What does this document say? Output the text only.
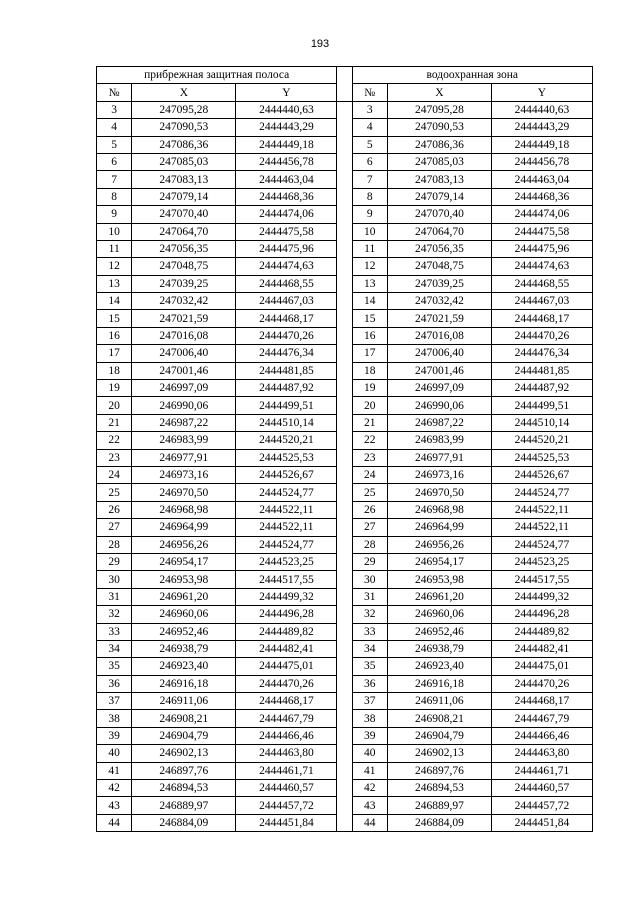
193
прибрежная защитная полоса				водоохранная зона		
№	X	Y		№	X	Y
3	247095,28	2444440,63		3	247095,28	2444440,63
4	247090,53	2444443,29		4	247090,53	2444443,29
5	247086,36	2444449,18		5	247086,36	2444449,18
6	247085,03	2444456,78		6	247085,03	2444456,78
7	247083,13	2444463,04		7	247083,13	2444463,04
8	247079,14	2444468,36		8	247079,14	2444468,36
9	247070,40	2444474,06		9	247070,40	2444474,06
10	247064,70	2444475,58		10	247064,70	2444475,58
11	247056,35	2444475,96		11	247056,35	2444475,96
12	247048,75	2444474,63		12	247048,75	2444474,63
13	247039,25	2444468,55		13	247039,25	2444468,55
14	247032,42	2444467,03		14	247032,42	2444467,03
15	247021,59	2444468,17		15	247021,59	2444468,17
16	247016,08	2444470,26		16	247016,08	2444470,26
17	247006,40	2444476,34		17	247006,40	2444476,34
18	247001,46	2444481,85		18	247001,46	2444481,85
19	246997,09	2444487,92		19	246997,09	2444487,92
20	246990,06	2444499,51		20	246990,06	2444499,51
21	246987,22	2444510,14		21	246987,22	2444510,14
22	246983,99	2444520,21		22	246983,99	2444520,21
23	246977,91	2444525,53		23	246977,91	2444525,53
24	246973,16	2444526,67		24	246973,16	2444526,67
25	246970,50	2444524,77		25	246970,50	2444524,77
26	246968,98	2444522,11		26	246968,98	2444522,11
27	246964,99	2444522,11		27	246964,99	2444522,11
28	246956,26	2444524,77		28	246956,26	2444524,77
29	246954,17	2444523,25		29	246954,17	2444523,25
30	246953,98	2444517,55		30	246953,98	2444517,55
31	246961,20	2444499,32		31	246961,20	2444499,32
32	246960,06	2444496,28		32	246960,06	2444496,28
33	246952,46	2444489,82		33	246952,46	2444489,82
34	246938,79	2444482,41		34	246938,79	2444482,41
35	246923,40	2444475,01		35	246923,40	2444475,01
36	246916,18	2444470,26		36	246916,18	2444470,26
37	246911,06	2444468,17		37	246911,06	2444468,17
38	246908,21	2444467,79		38	246908,21	2444467,79
39	246904,79	2444466,46		39	246904,79	2444466,46
40	246902,13	2444463,80		40	246902,13	2444463,80
41	246897,76	2444461,71		41	246897,76	2444461,71
42	246894,53	2444460,57		42	246894,53	2444460,57
43	246889,97	2444457,72		43	246889,97	2444457,72
44	246884,09	2444451,84		44	246884,09	2444451,84
